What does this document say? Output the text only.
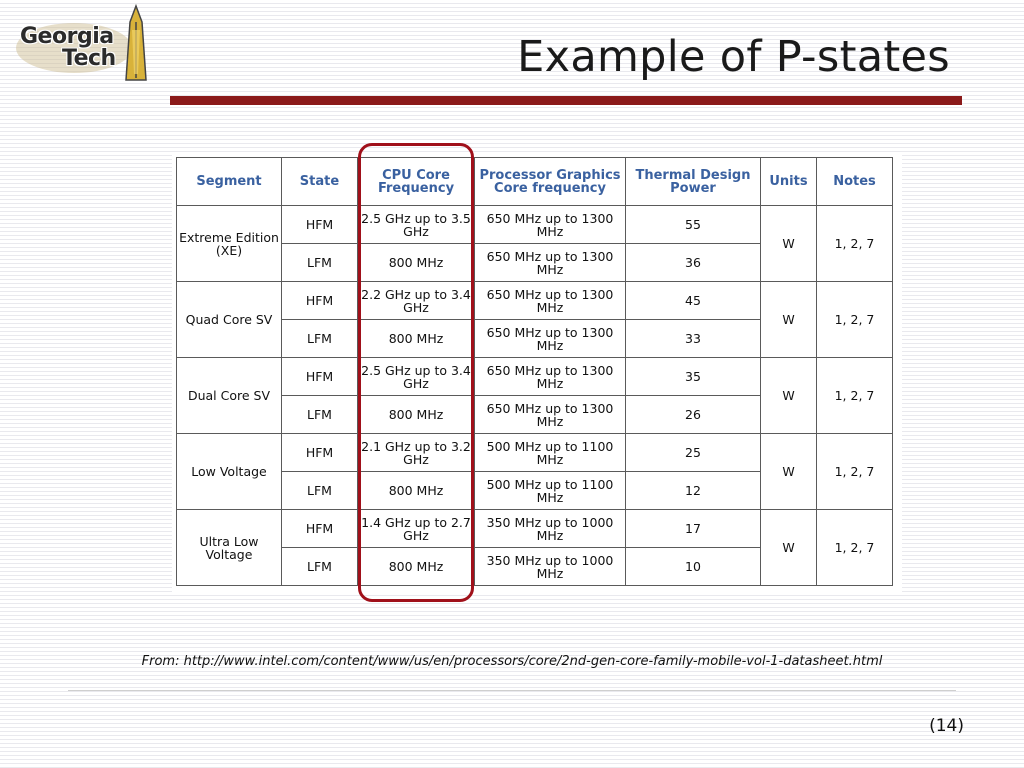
Georgia
Tech	Example of P-states
Segment	State	CPU Core Frequency	Processor Graphics Core frequency	Thermal Design Power	Units	Notes
Extreme Edition (XE)	HFM	2.5 GHz up to 3.5 GHz	650 MHz up to 1300 MHz	55	W	1, 2, 7
	LFM	800 MHz	650 MHz up to 1300 MHz	36		
Quad Core SV	HFM	2.2 GHz up to 3.4 GHz	650 MHz up to 1300 MHz	45	W	1, 2, 7
	LFM	800 MHz	650 MHz up to 1300 MHz	33		
Dual Core SV	HFM	2.5 GHz up to 3.4 GHz	650 MHz up to 1300 MHz	35	W	1, 2, 7
	LFM	800 MHz	650 MHz up to 1300 MHz	26		
Low Voltage	HFM	2.1 GHz up to 3.2 GHz	500 MHz up to 1100 MHz	25	W	1, 2, 7
	LFM	800 MHz	500 MHz up to 1100 MHz	12		
Ultra Low Voltage	HFM	1.4 GHz up to 2.7 GHz	350 MHz up to 1000 MHz	17	W	1, 2, 7
	LFM	800 MHz	350 MHz up to 1000 MHz	10		
From: http://www.intel.com/content/www/us/en/processors/core/2nd-gen-core-family-mobile-vol-1-datasheet.html
(14)
